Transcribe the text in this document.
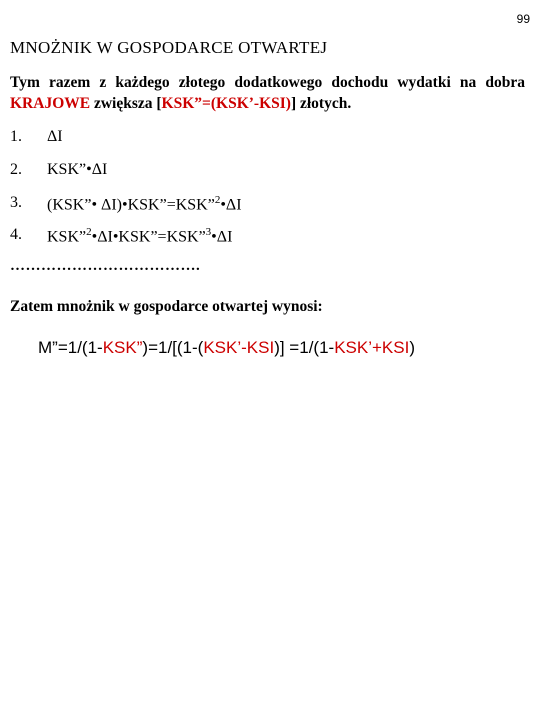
99
MNOŻNIK W GOSPODARCE OTWARTEJ

Tym razem z każdego złotego dodatkowego dochodu wydatki na dobra KRAJOWE zwiększa [KSK”=(KSK’-KSI)] złotych.

1. ΔI
2. KSK”•ΔI
3. (KSK”• ΔI)•KSK”=KSK”$^2$•ΔI
4. KSK”$^2$•ΔI•KSK”=KSK”$^3$•ΔI
……………………………….
Zatem mnożnik w gospodarce otwartej wynosi:
M”=1/(1-KSK”)=1/[(1-(KSK’-KSI)] =1/(1-KSK’+KSI)
